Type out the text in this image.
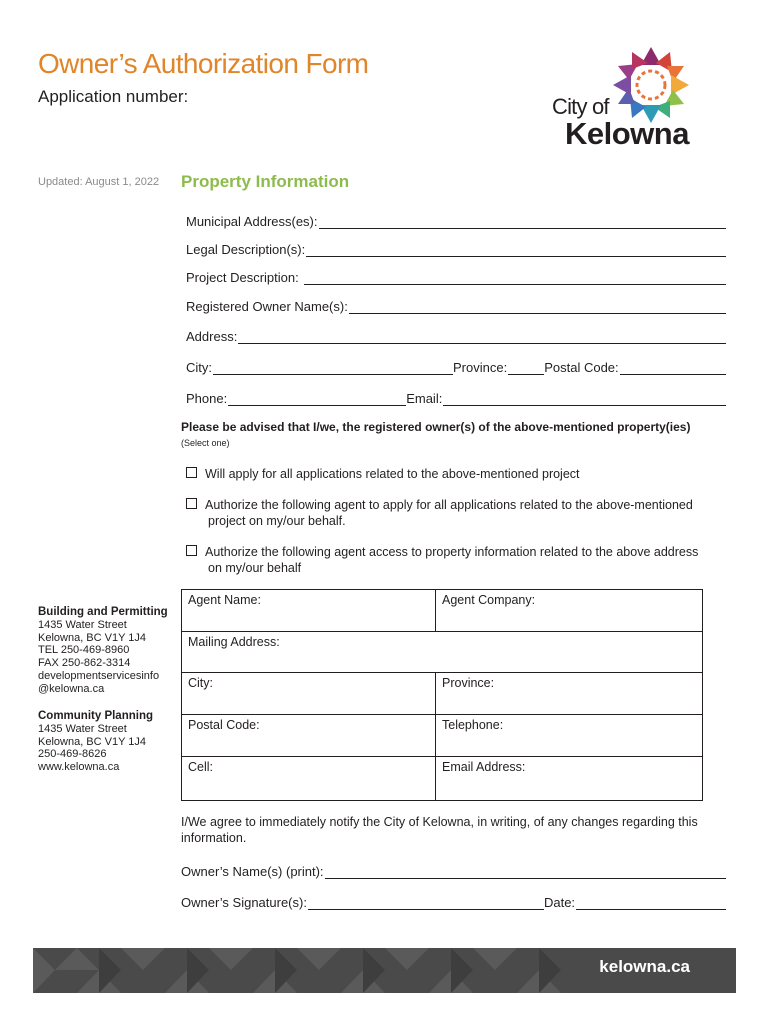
Owner’s Authorization Form
Application number:	City of
Kelowna
Updated: August 1, 2022 Property Information
Municipal Address(es):
Legal Description(s):
Project Description:
Registered Owner Name(s):
Address:
City:	Province:	Postal Code:
Phone:	Email:
Please be advised that I/we, the registered owner(s) of the above-mentioned property(ies)
(Select one)
Will apply for all applications related to the above-mentioned project
Authorize the following agent to apply for all applications related to the above-mentioned
project on my/our behalf.
Authorize the following agent access to property information related to the above address
on my/our behalf
Building and Permitting
1435 Water Street
Kelowna, BC V1Y 1J4
TEL 250-469-8960
FAX 250-862-3314
developmentservicesinfo
@kelowna.ca
Community Planning
1435 Water Street
Kelowna, BC V1Y 1J4
250-469-8626
www.kelowna.ca
Agent Name:	Agent Company:
Mailing Address:	
City:	Province:
Postal Code:	Telephone:
Cell:	Email Address:
I/We agree to immediately notify the City of Kelowna, in writing, of any changes regarding this information.
Owner’s Name(s) (print):
Owner’s Signature(s):	Date:
kelowna.ca
